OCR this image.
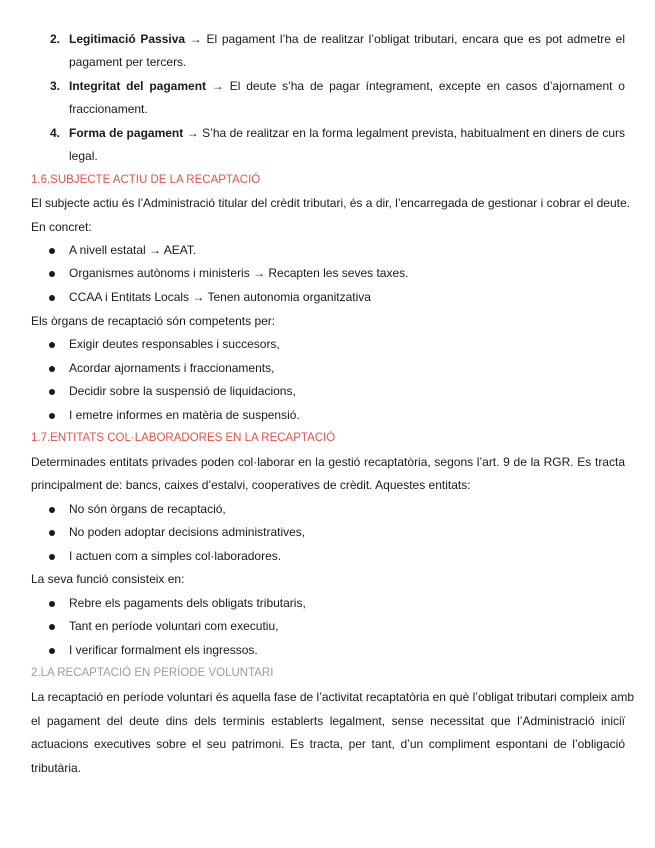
2. Legitimació Passiva → El pagament l’ha de realitzar l’obligat tributari, encara que es pot admetre el
pagament per tercers.
3. Integritat del pagament → El deute s’ha de pagar íntegrament, excepte en casos d’ajornament o
fraccionament.
4. Forma de pagament → S’ha de realitzar en la forma legalment prevista, habitualment en diners de curs
legal.
1.6.SUBJECTE ACTIU DE LA RECAPTACIÓ
El subjecte actiu és l’Administració titular del crèdit tributari, és a dir, l’encarregada de gestionar i cobrar el deute.
En concret:
A nivell estatal → AEAT.
Organismes autònoms i ministeris → Recapten les seves taxes.
CCAA i Entitats Locals → Tenen autonomia organitzativa
Els òrgans de recaptació són competents per:
Exigir deutes responsables i succesors,
Acordar ajornaments i fraccionaments,
Decidir sobre la suspensió de liquidacions,
I emetre informes en matèria de suspensió.
1.7.ENTITATS COL·LABORADORES EN LA RECAPTACIÓ
Determinades entitats privades poden col·laborar en la gestió recaptatòria, segons l’art. 9 de la RGR. Es tracta
principalment de: bancs, caixes d’estalvi, cooperatives de crèdit. Aquestes entitats:
No són òrgans de recaptació,
No poden adoptar decisions administratives,
I actuen com a simples col·laboradores.
La seva funció consisteix en:
Rebre els pagaments dels obligats tributaris,
Tant en període voluntari com executiu,
I verificar formalment els ingressos.
2.LA RECAPTACIÓ EN PERÍODE VOLUNTARI
La recaptació en període voluntari és aquella fase de l’activitat recaptatòria en què l’obligat tributari compleix amb
el pagament del deute dins dels terminis establerts legalment, sense necessitat que l’Administració iniciï
actuacions executives sobre el seu patrimoni. Es tracta, per tant, d’un compliment espontani de l’obligació
tributària.
